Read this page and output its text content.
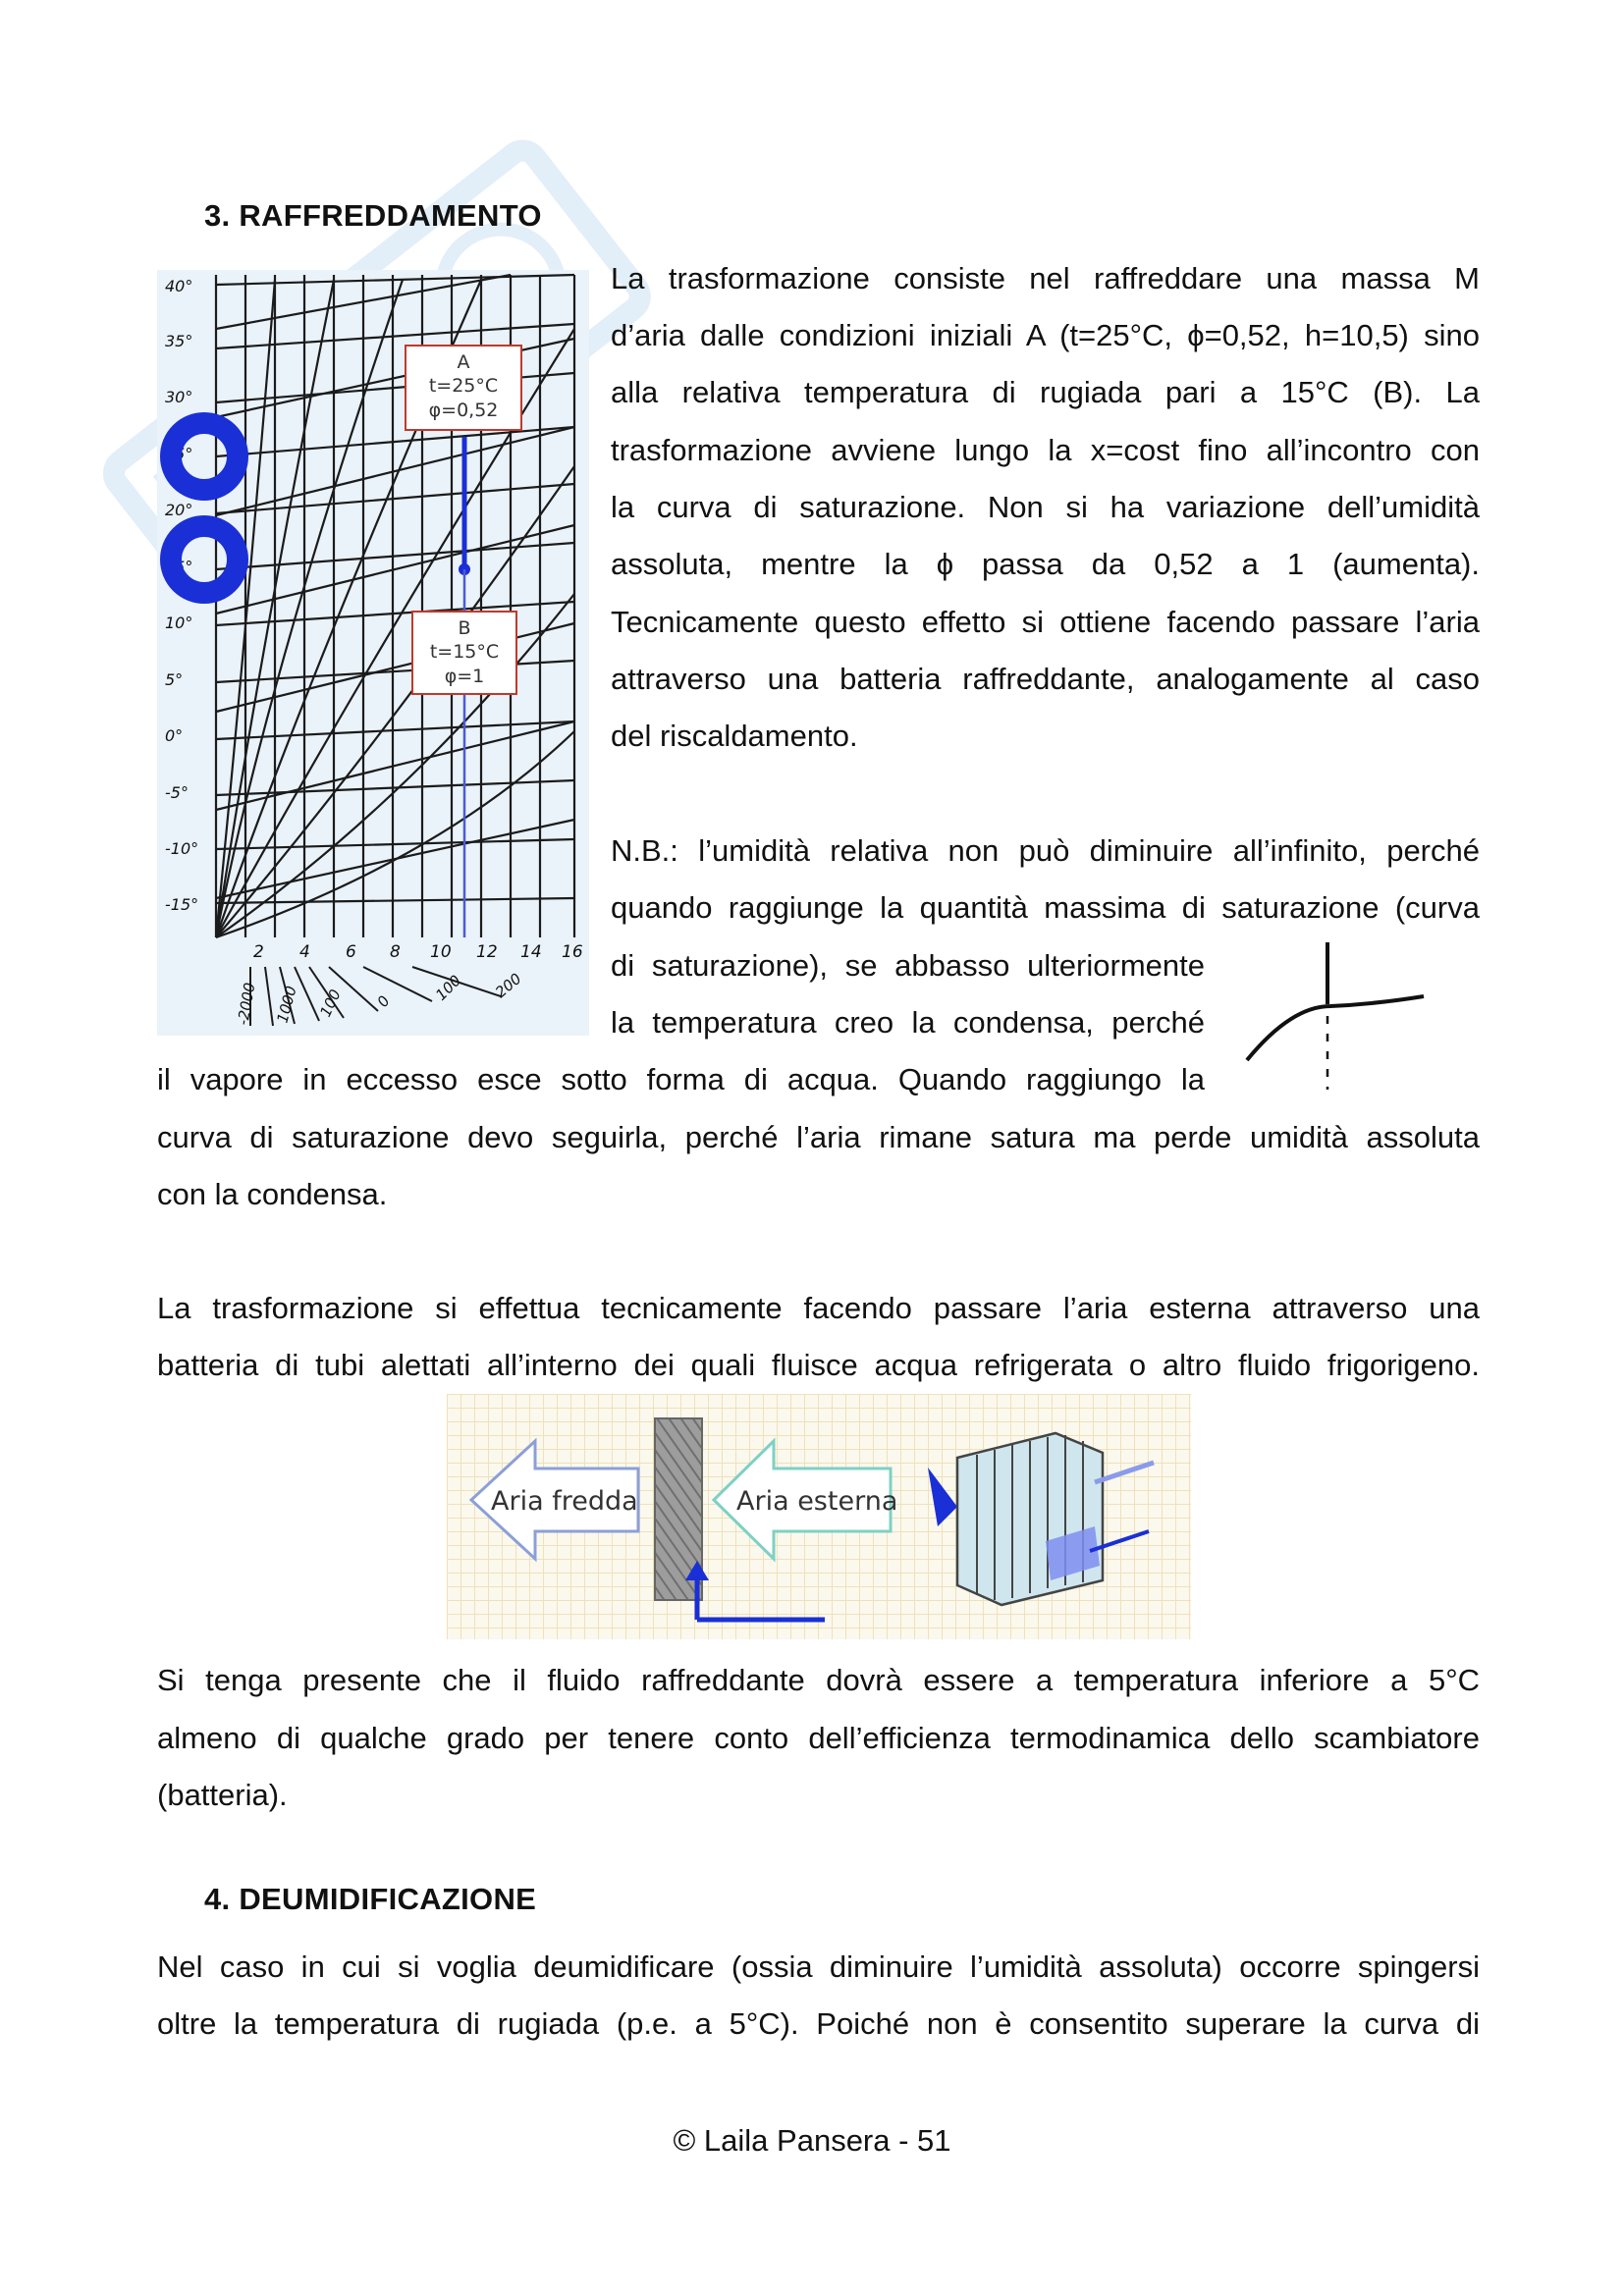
3. RAFFREDDAMENTO
40°
35°
30°
25°
20°
15°
10°
5°
0°
-5°
-10°
-15°
2 4 6 8 10 12 14 16
-2000 1000 100 0	100 200
A
t=25°C
φ=0,52
B
t=15°C
φ=1

La trasformazione consiste nel raffreddare una massa M

d’aria dalle condizioni iniziali A (t=25°C, ϕ=0,52, h=10,5) sino

alla relativa temperatura di rugiada pari a 15°C (B). La

trasformazione avviene lungo la x=cost fino all’incontro con

la curva di saturazione. Non si ha variazione dell’umidità

assoluta, mentre la ϕ passa da 0,52 a 1 (aumenta).

Tecnicamente questo effetto si ottiene facendo passare l’aria

attraverso una batteria raffreddante, analogamente al caso

del riscaldamento.

N.B.: l’umidità relativa non può diminuire all’infinito, perché

quando raggiunge la quantità massima di saturazione (curva

di saturazione), se abbasso ulteriormente

la temperatura creo la condensa, perché

il vapore in eccesso esce sotto forma di acqua. Quando raggiungo la

curva di saturazione devo seguirla, perché l’aria rimane satura ma perde umidità assoluta

con la condensa.

La trasformazione si effettua tecnicamente facendo passare l’aria esterna attraverso una

batteria di tubi alettati all’interno dei quali fluisce acqua refrigerata o altro fluido frigorigeno.

Aria fredda	Aria esterna

Si tenga presente che il fluido raffreddante dovrà essere a temperatura inferiore a 5°C

almeno di qualche grado per tenere conto dell’efficienza termodinamica dello scambiatore

(batteria).

4. DEUMIDIFICAZIONE

Nel caso in cui si voglia deumidificare (ossia diminuire l’umidità assoluta) occorre spingersi

oltre la temperatura di rugiada (p.e. a 5°C). Poiché non è consentito superare la curva di

© Laila Pansera - 51
